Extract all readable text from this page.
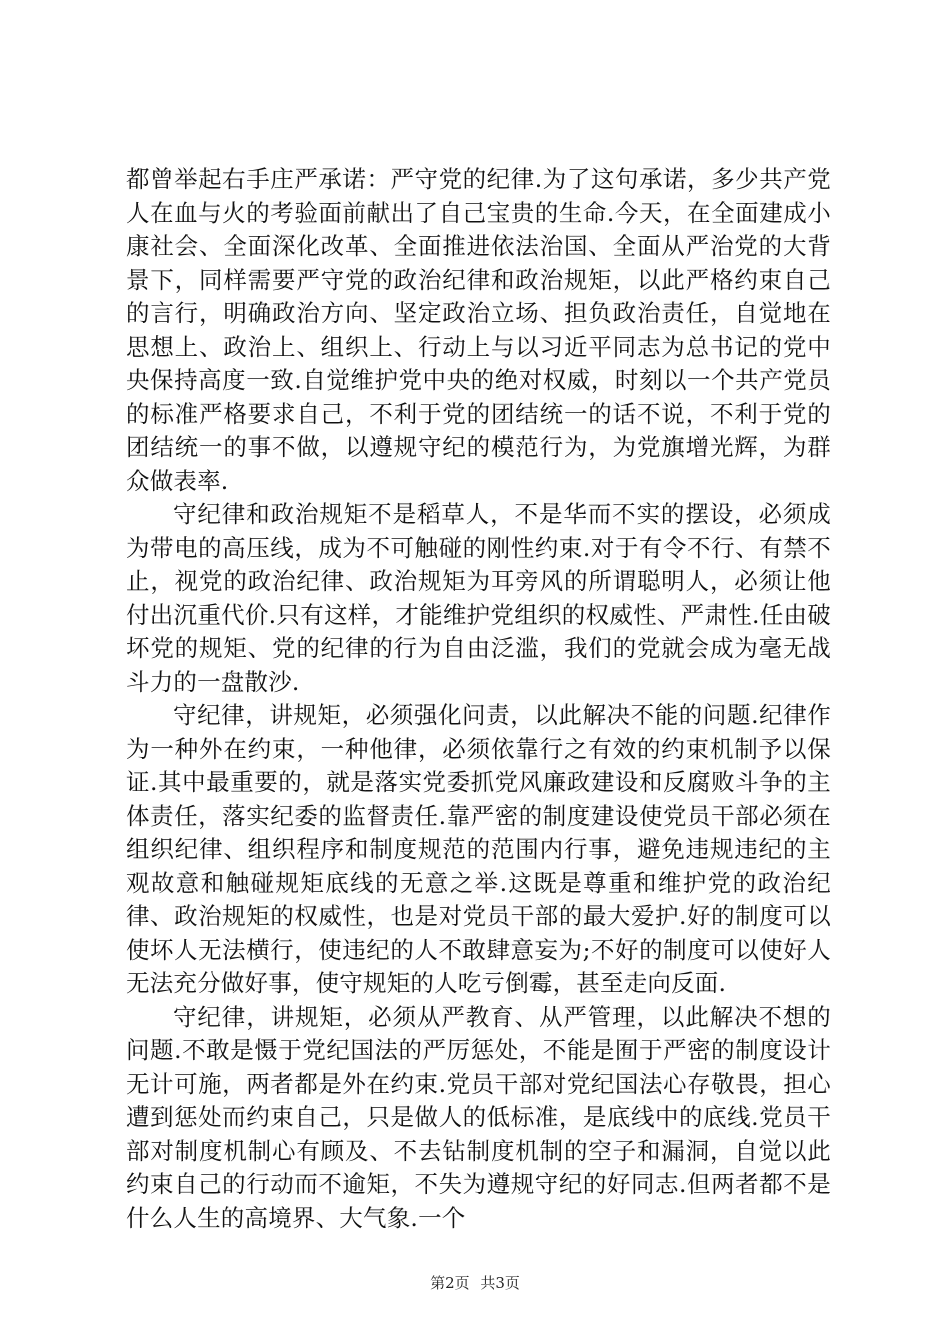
都曾举起右手庄严承诺：严守党的纪律.为了这句承诺，多少共产党人在血与火的考验面前献出了自己宝贵的生命.今天，在全面建成小康社会、全面深化改革、全面推进依法治国、全面从严治党的大背景下，同样需要严守党的政治纪律和政治规矩，以此严格约束自己的言行，明确政治方向、坚定政治立场、担负政治责任，自觉地在思想上、政治上、组织上、行动上与以习近平同志为总书记的党中央保持高度一致.自觉维护党中央的绝对权威，时刻以一个共产党员的标准严格要求自己，不利于党的团结统一的话不说，不利于党的团结统一的事不做，以遵规守纪的模范行为，为党旗增光辉，为群众做表率.

守纪律和政治规矩不是稻草人，不是华而不实的摆设，必须成为带电的高压线，成为不可触碰的刚性约束.对于有令不行、有禁不止，视党的政治纪律、政治规矩为耳旁风的所谓聪明人，必须让他付出沉重代价.只有这样，才能维护党组织的权威性、严肃性.任由破坏党的规矩、党的纪律的行为自由泛滥，我们的党就会成为毫无战斗力的一盘散沙.

守纪律，讲规矩，必须强化问责，以此解决不能的问题.纪律作为一种外在约束，一种他律，必须依靠行之有效的约束机制予以保证.其中最重要的，就是落实党委抓党风廉政建设和反腐败斗争的主体责任，落实纪委的监督责任.靠严密的制度建设使党员干部必须在组织纪律、组织程序和制度规范的范围内行事，避免违规违纪的主观故意和触碰规矩底线的无意之举.这既是尊重和维护党的政治纪律、政治规矩的权威性，也是对党员干部的最大爱护.好的制度可以使坏人无法横行，使违纪的人不敢肆意妄为;不好的制度可以使好人无法充分做好事，使守规矩的人吃亏倒霉，甚至走向反面.

守纪律，讲规矩，必须从严教育、从严管理，以此解决不想的问题.不敢是慑于党纪国法的严厉惩处，不能是囿于严密的制度设计无计可施，两者都是外在约束.党员干部对党纪国法心存敬畏，担心遭到惩处而约束自己，只是做人的低标准，是底线中的底线.党员干部对制度机制心有顾及、不去钻制度机制的空子和漏洞，自觉以此约束自己的行动而不逾矩，不失为遵规守纪的好同志.但两者都不是什么人生的高境界、大气象.一个

第2页 共3页
